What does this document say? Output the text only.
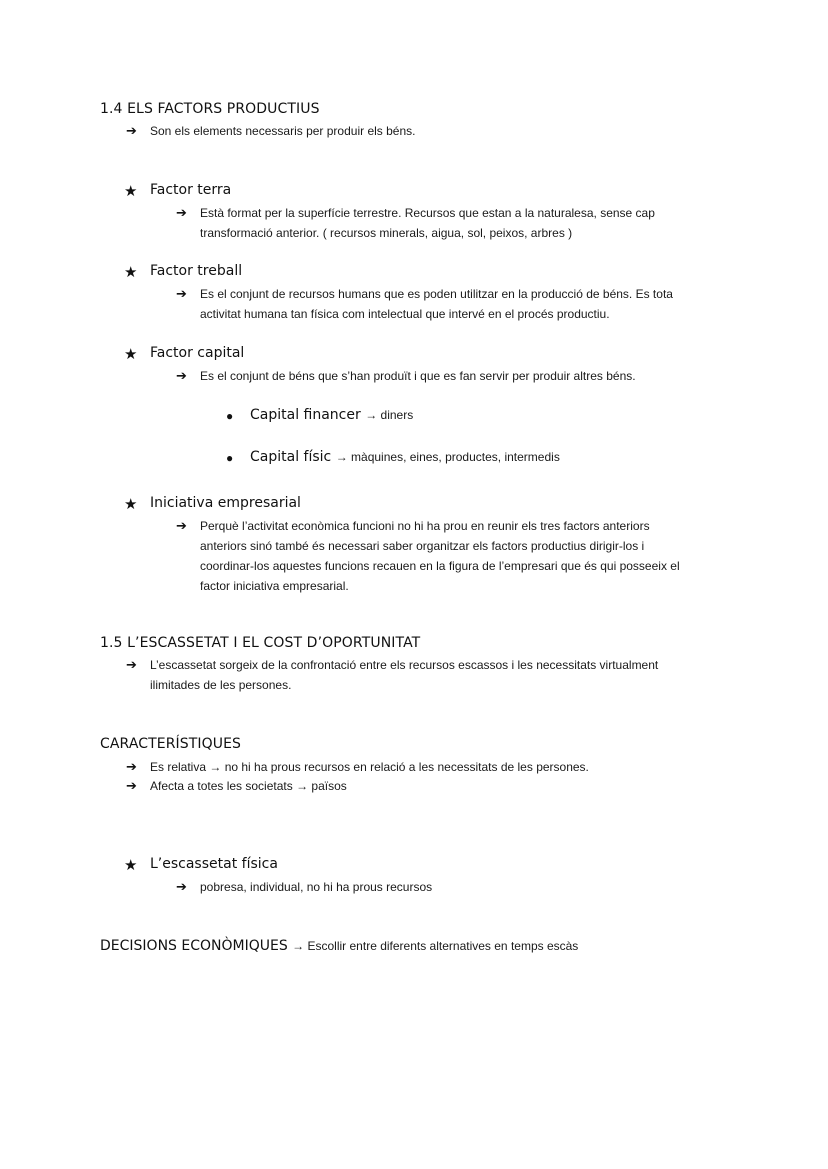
1.4 ELS FACTORS PRODUCTIUS
➔ Son els elements necessaris per produir els béns.
★ Factor terra
➔ Està format per la superfície terrestre. Recursos que estan a la naturalesa, sense cap
transformació anterior. ( recursos minerals, aigua, sol, peixos, arbres )
★ Factor treball
➔ Es el conjunt de recursos humans que es poden utilitzar en la producció de béns. Es tota
activitat humana tan física com intelectual que intervé en el procés productiu.
★ Factor capital
➔ Es el conjunt de béns que s’han produït i que es fan servir per produir altres béns.
● Capital financer → diners
● Capital físic → màquines, eines, productes, intermedis
★ Iniciativa empresarial
➔ Perquè l’activitat econòmica funcioni no hi ha prou en reunir els tres factors anteriors
anteriors sinó també és necessari saber organitzar els factors productius dirigir-los i
coordinar-los aquestes funcions recauen en la figura de l’empresari que és qui posseeix el
factor iniciativa empresarial.
1.5 L’ESCASSETAT I EL COST D’OPORTUNITAT
➔ L’escassetat sorgeix de la confrontació entre els recursos escassos i les necessitats virtualment
ilimitades de les persones.
CARACTERÍSTIQUES
➔ Es relativa → no hi ha prous recursos en relació a les necessitats de les persones.
➔ Afecta a totes les societats → països
★ L’escassetat física
➔ pobresa, individual, no hi ha prous recursos
DECISIONS ECONÒMIQUES → Escollir entre diferents alternatives en temps escàs
